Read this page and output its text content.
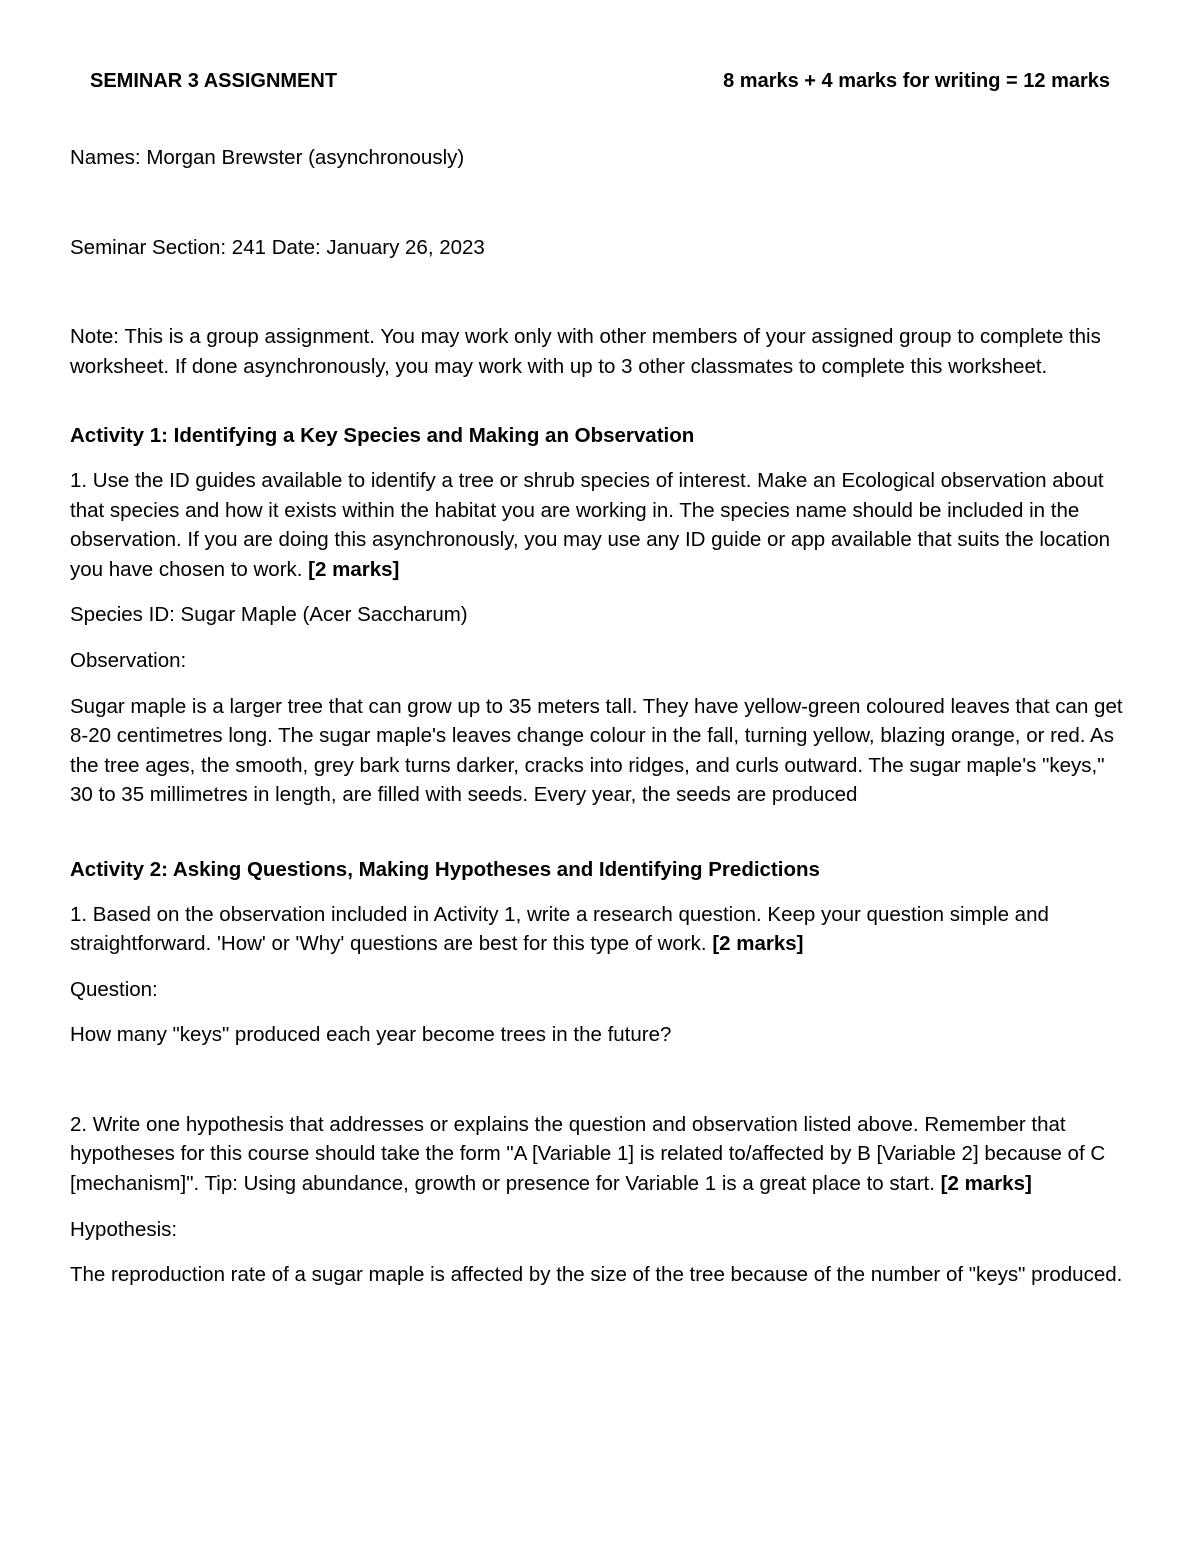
SEMINAR 3 ASSIGNMENT	8 marks + 4 marks for writing = 12 marks

Names: Morgan Brewster (asynchronously)

Seminar Section: 241 Date: January 26, 2023

Note: This is a group assignment. You may work only with other members of your assigned group to complete this worksheet. If done asynchronously, you may work with up to 3 other classmates to complete this worksheet.

Activity 1: Identifying a Key Species and Making an Observation

1. Use the ID guides available to identify a tree or shrub species of interest. Make an Ecological observation about that species and how it exists within the habitat you are working in. The species name should be included in the observation. If you are doing this asynchronously, you may use any ID guide or app available that suits the location you have chosen to work. [2 marks]

Species ID: Sugar Maple (Acer Saccharum)

Observation:

Sugar maple is a larger tree that can grow up to 35 meters tall. They have yellow-green coloured leaves that can get 8-20 centimetres long. The sugar maple's leaves change colour in the fall, turning yellow, blazing orange, or red. As the tree ages, the smooth, grey bark turns darker, cracks into ridges, and curls outward. The sugar maple's "keys," 30 to 35 millimetres in length, are filled with seeds. Every year, the seeds are produced

Activity 2: Asking Questions, Making Hypotheses and Identifying Predictions

1. Based on the observation included in Activity 1, write a research question. Keep your question simple and straightforward. 'How' or 'Why' questions are best for this type of work. [2 marks]

Question:

How many "keys" produced each year become trees in the future?

2. Write one hypothesis that addresses or explains the question and observation listed above. Remember that hypotheses for this course should take the form "A [Variable 1] is related to/affected by B [Variable 2] because of C [mechanism]". Tip: Using abundance, growth or presence for Variable 1 is a great place to start. [2 marks]

Hypothesis:

The reproduction rate of a sugar maple is affected by the size of the tree because of the number of "keys" produced.
